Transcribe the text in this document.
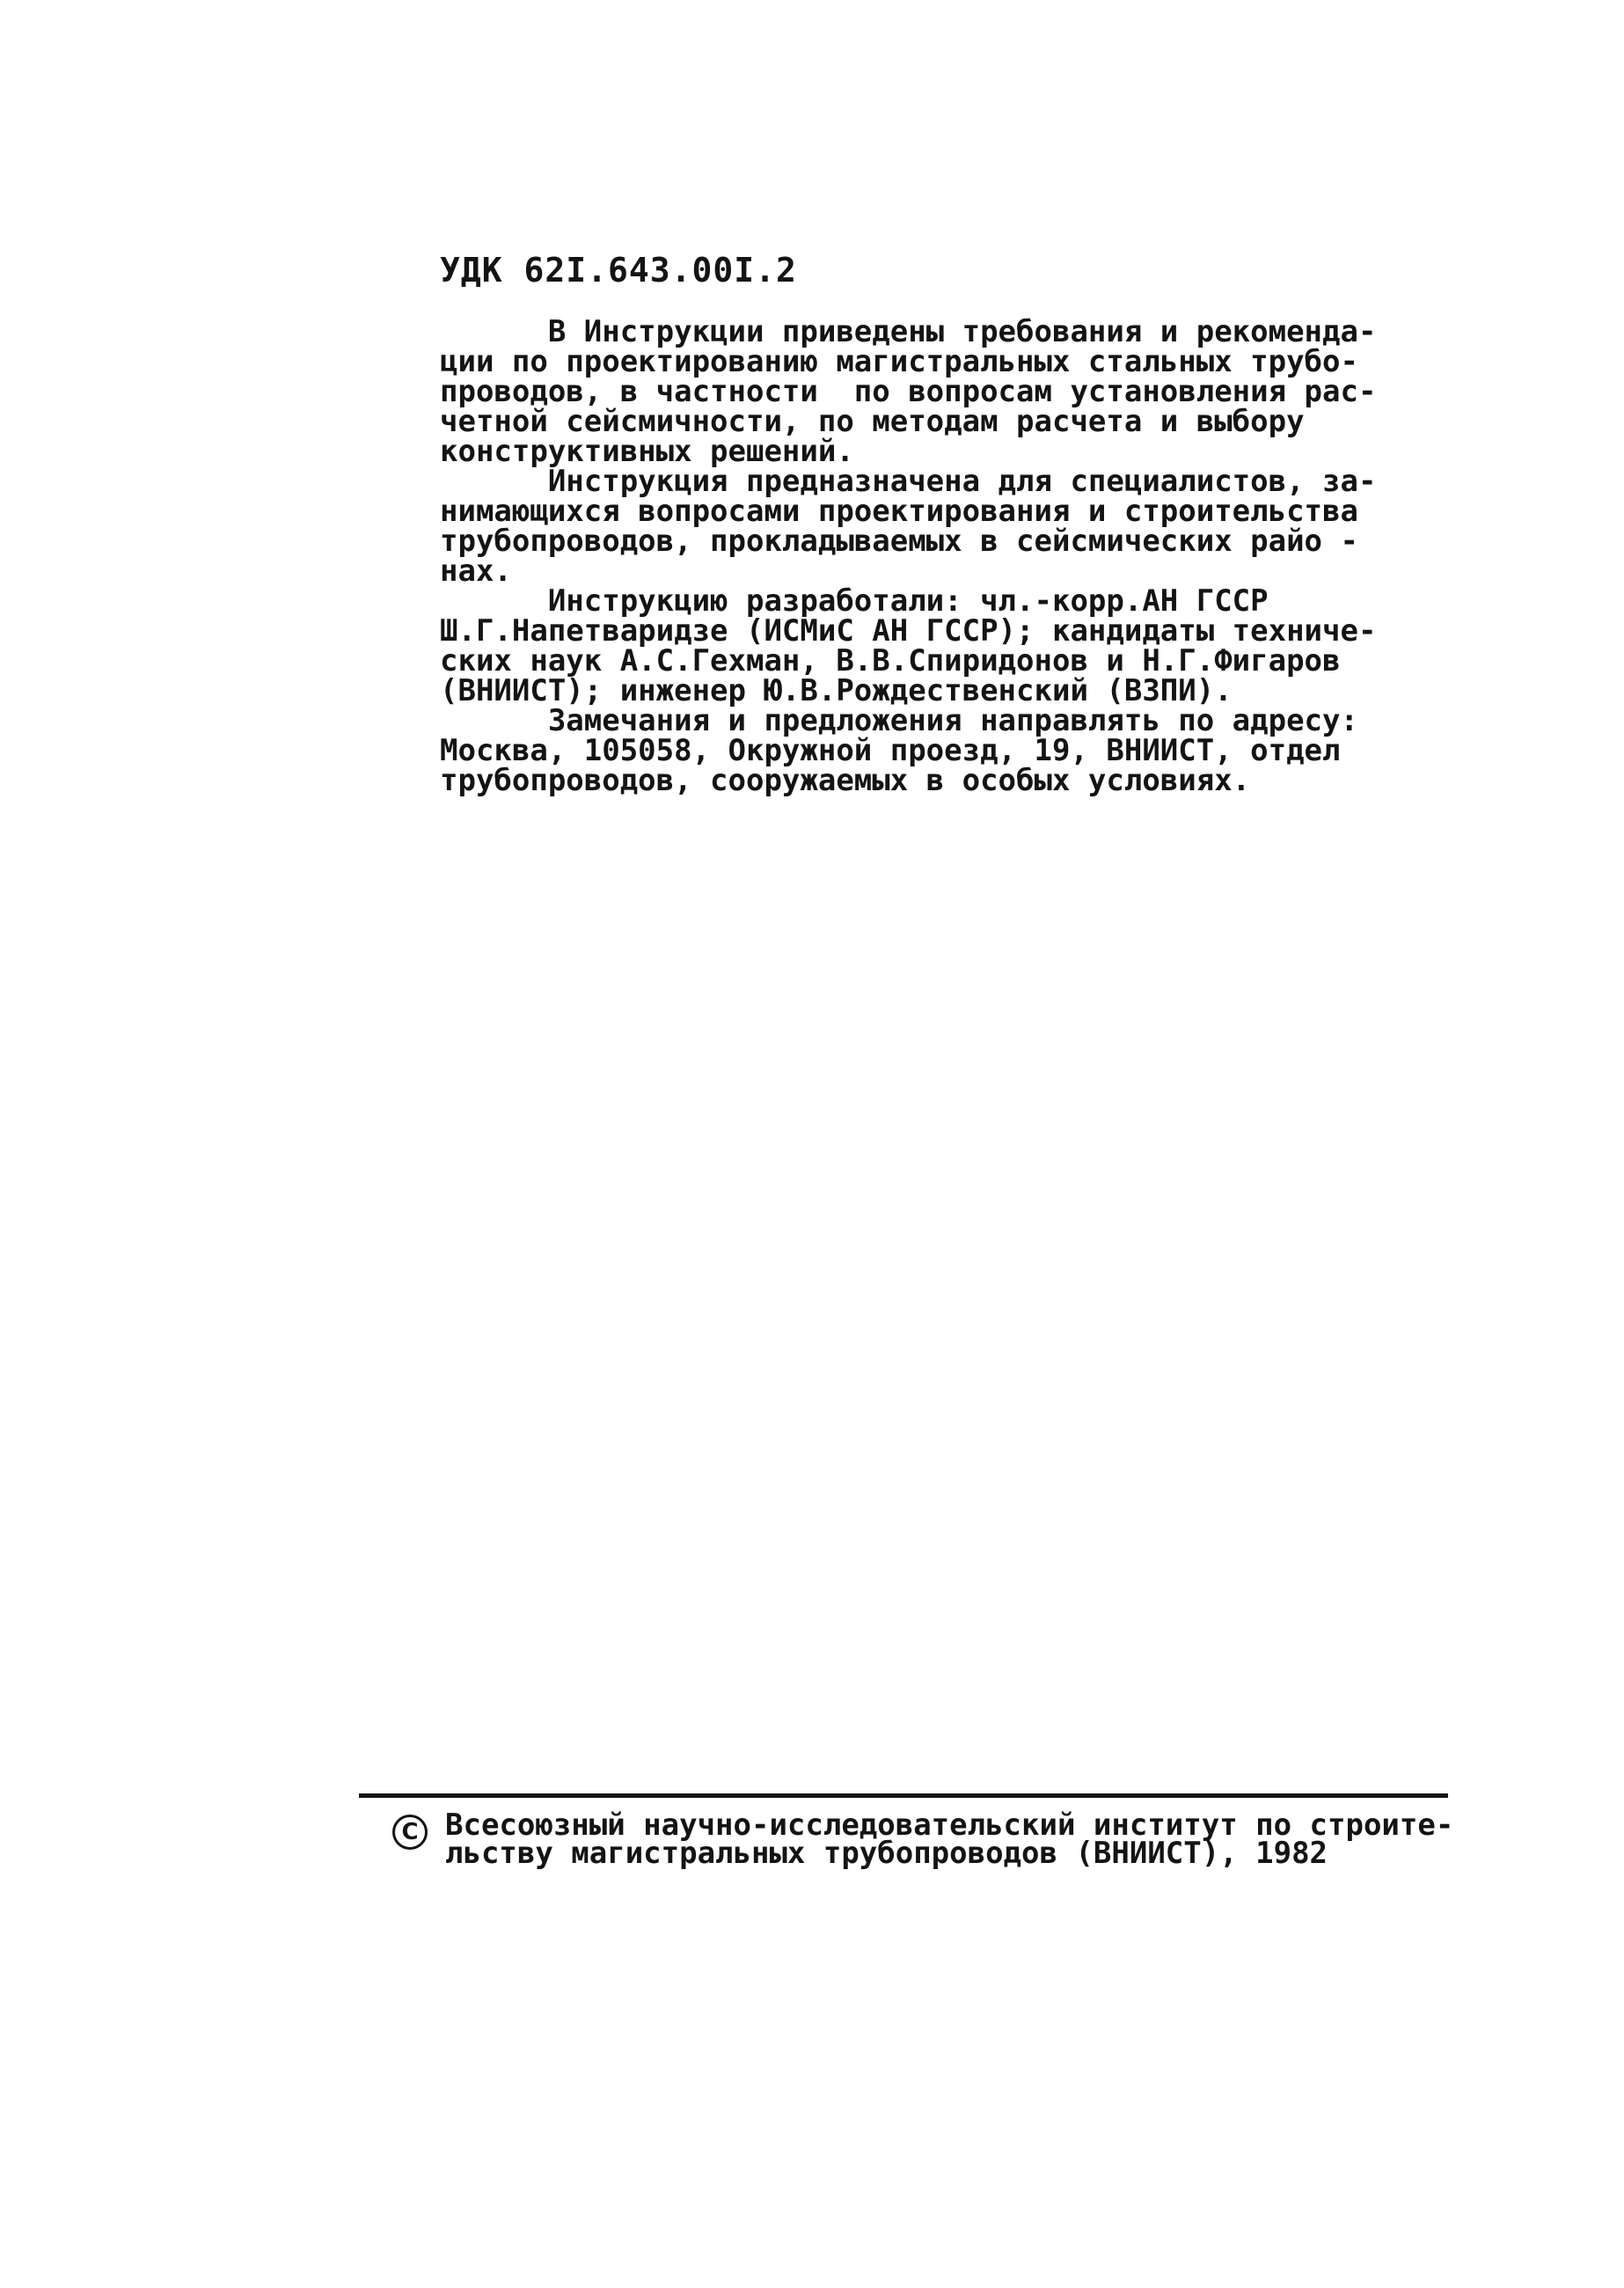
УДК 62I.643.00I.2
В Инструкции приведены требования и рекоменда-
ции по проектированию магистральных стальных трубо-
проводов, в частности  по вопросам установления рас-
четной сейсмичности, по методам расчета и выбору
конструктивных решений.
Инструкция предназначена для специалистов, за-
нимающихся вопросами проектирования и строительства
трубопроводов, прокладываемых в сейсмических райо -
нах.
Инструкцию разработали: чл.-корр.АН ГССР
Ш.Г.Напетваридзе (ИСМиС АН ГССР); кандидаты техниче-
ских наук А.С.Гехман, В.В.Спиридонов и Н.Г.Фигаров
(ВНИИСТ); инженер Ю.В.Рождественский (ВЗПИ).
Замечания и предложения направлять по адресу:
Москва, 105058, Окружной проезд, 19, ВНИИСТ, отдел
трубопроводов, сооружаемых в особых условиях.
C Всесоюзный научно-исследовательский институт по строите-
льству магистральных трубопроводов (ВНИИСТ), 1982
